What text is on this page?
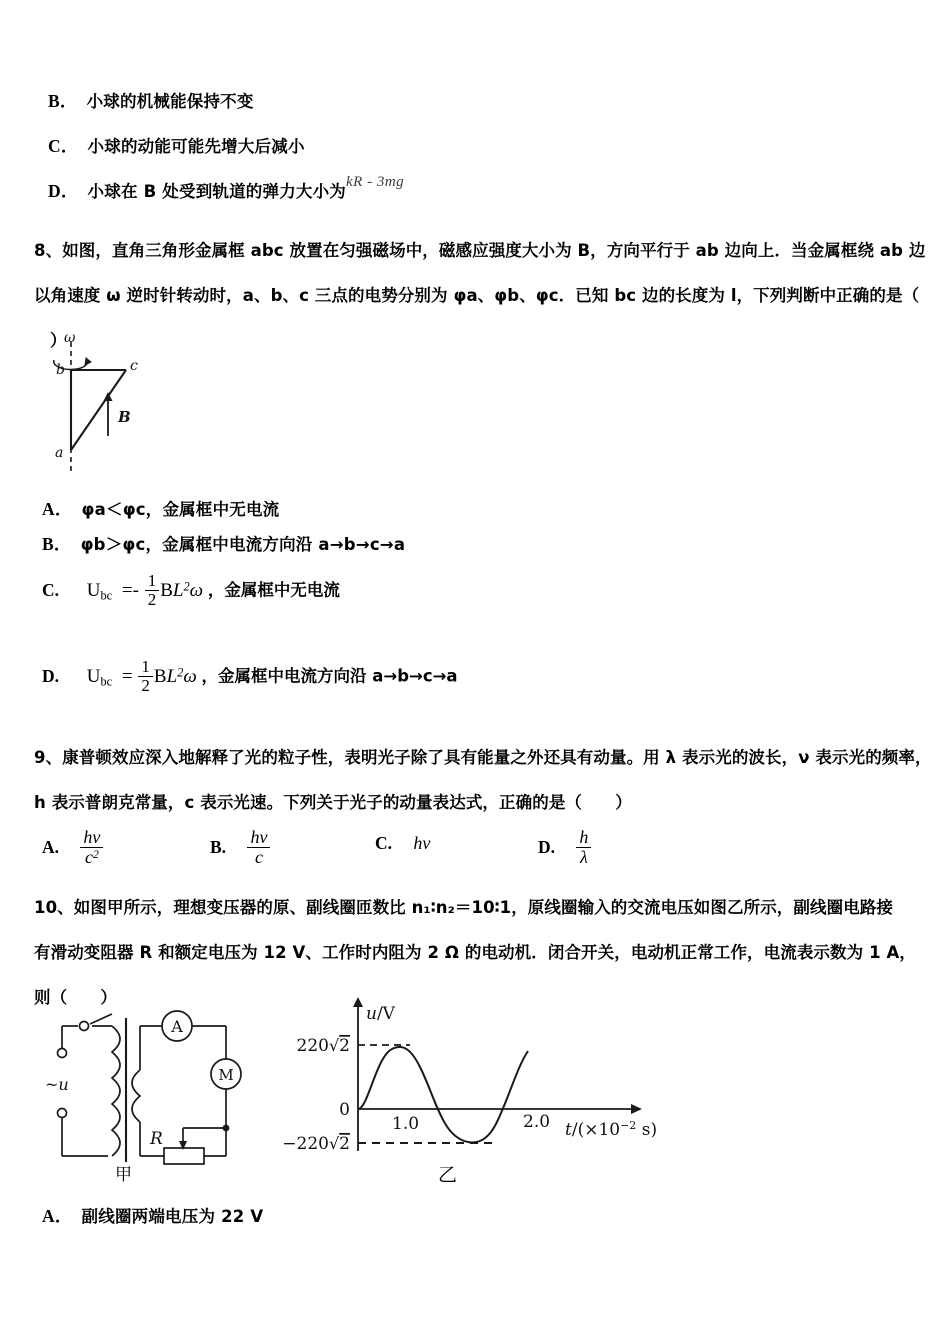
B． 小球的机械能保持不变
C． 小球的动能可能先增大后减小
D． 小球在 B 处受到轨道的弹力大小为kR - 3mg
8、如图，直角三角形金属框 abc 放置在匀强磁场中，磁感应强度大小为 B，方向平行于 ab 边向上．当金属框绕 ab 边
以角速度 ω 逆时针转动时，a、b、c 三点的电势分别为 φa、φb、φc．已知 bc 边的长度为 l，下列判断中正确的是（
）
b	c
a
ω
B
A． φa＜φc，金属框中无电流
B． φb＞φc，金属框中电流方向沿 a→b→c→a
C. Ubc =- $\frac{1}{2} BL^2\omega$ ，金属框中无电流
D. Ubc = $\frac{1}{2} BL^2\omega$ ，金属框中电流方向沿 a→b→c→a
9、康普顿效应深入地解释了光的粒子性，表明光子除了具有能量之外还具有动量。用 λ 表示光的波长，ν 表示光的频率，
h 表示普朗克常量，c 表示光速。下列关于光子的动量表达式，正确的是（　　）
A. $\frac{h\nu}{c^2}$	B. $\frac{h\nu}{c}$	C. hν	D. $\frac{h}{\lambda}$
10、如图甲所示，理想变压器的原、副线圈匝数比 n₁∶n₂＝10∶1，原线圈输入的交流电压如图乙所示，副线圈电路接
有滑动变阻器 R 和额定电压为 12 V、工作时内阻为 2 Ω 的电动机．闭合开关，电动机正常工作，电流表示数为 1 A，
则（　　）
A
M
~u
R
甲
220√2
−220√2
0
1.0	2.0
u/V
$t/(\times 10^{-2}$ s)
乙
A． 副线圈两端电压为 22 V
